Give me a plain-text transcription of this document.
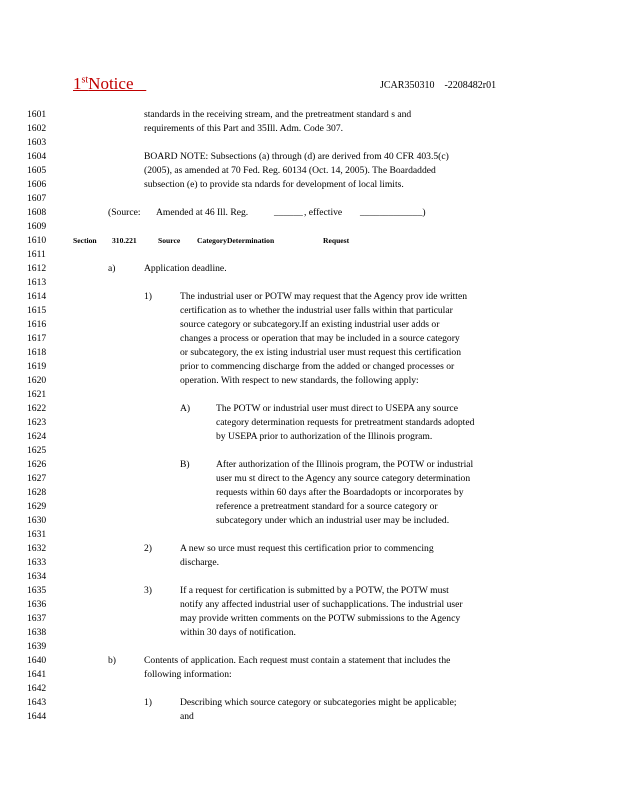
1stNotice	JCAR350310    -2208482r01
1601
1602
1603
1604
1605
1606
1607
1608
1609
1610
1611
1612
1613
1614
1615
1616
1617
1618
1619
1620
1621
1622
1623
1624
1625
1626
1627
1628
1629
1630
1631
1632
1633
1634
1635
1636
1637
1638
1639
1640
1641
1642
1643
1644
standards in the receiving stream, and the pretreatment standard s and
requirements of this Part and 35Ill. Adm. Code 307.
BOARD NOTE: Subsections (a) through (d) are derived from 40 CFR 403.5(c)
(2005), as amended at 70 Fed. Reg. 60134 (Oct. 14, 2005). The Boardadded
subsection (e) to provide sta ndards for development of local limits.
(Source: Amended at 46 Ill. Reg.	______ , effective _____________)
Section 310.221	Source CategoryDetermination	Request
a)	Application deadline.
1)	The industrial user or POTW may request that the Agency prov ide written
certification as to whether the industrial user falls within that particular
source category or subcategory.If an existing industrial user adds or
changes a process or operation that may be included in a source category
or subcategory, the ex isting industrial user must request this certification
prior to commencing discharge from the added or changed processes or
operation. With respect to new standards, the following apply:
A)	The POTW or industrial user must direct to USEPA any source
category determination requests for pretreatment standards adopted
by USEPA prior to authorization of the Illinois program.
B)	After authorization of the Illinois program, the POTW or industrial
user mu st direct to the Agency any source category determination
requests within 60 days after the Boardadopts or incorporates by
reference a pretreatment standard for a source category or
subcategory under which an industrial user may be included.
2)	A new so urce must request this certification prior to commencing
discharge.
3)	If a request for certification is submitted by a POTW, the POTW must
notify any affected industrial user of suchapplications. The industrial user
may provide written comments on the POTW submissions to the Agency
within 30 days of notification.
b)	Contents of application. Each request must contain a statement that includes the
following information:
1)	Describing which source category or subcategories might be applicable;
and
